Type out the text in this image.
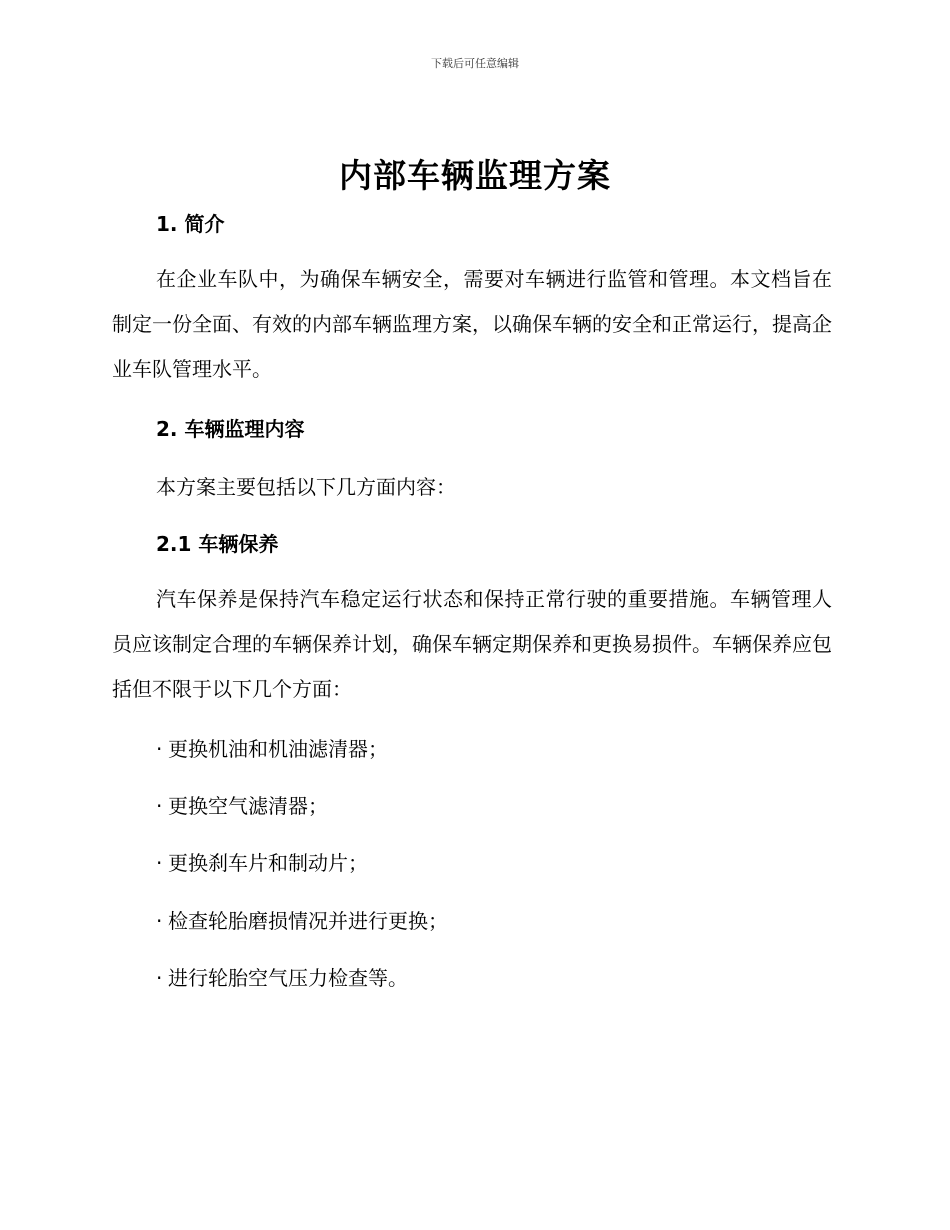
下载后可任意编辑
内部车辆监理方案
1. 简介
在企业车队中，为确保车辆安全，需要对车辆进行监管和管理。本文档旨在制定一份全面、有效的内部车辆监理方案，以确保车辆的安全和正常运行，提高企业车队管理水平。
2. 车辆监理内容
本方案主要包括以下几方面内容：
2.1 车辆保养
汽车保养是保持汽车稳定运行状态和保持正常行驶的重要措施。车辆管理人员应该制定合理的车辆保养计划，确保车辆定期保养和更换易损件。车辆保养应包括但不限于以下几个方面：
· 更换机油和机油滤清器；
· 更换空气滤清器；
· 更换刹车片和制动片；
· 检查轮胎磨损情况并进行更换；
· 进行轮胎空气压力检查等。
